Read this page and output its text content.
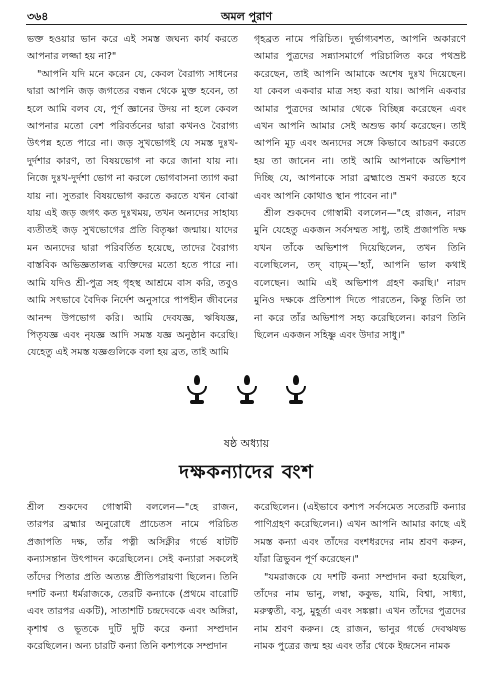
৩৬৪	অমল পুরাণ
ভক্ত হওয়ার ভান করে এই সমস্ত জঘন্য কার্য করতে
আপনার লজ্জা হয় না?"
"আপনি যদি মনে করেন যে, কেবল বৈরাগ্য সাধনের
দ্বারা আপনি জড় জগতের বন্ধন থেকে মুক্ত হবেন, তা
হলে আমি বলব যে, পূর্ণ জ্ঞানের উদয় না হলে কেবল
আপনার মতো বেশ পরিবর্তনের দ্বারা কখনও বৈরাগ্য
উৎপন্ন হতে পারে না। জড় সুখভোগই যে সমস্ত দুঃখ-
দুর্দশার কারণ, তা বিষয়ভোগ না করে জানা যায় না।
নিজে দুঃখ-দুর্দশা ভোগ না করলে ভোগবাসনা ত্যাগ করা
যায় না। সুতরাং বিষয়ভোগ করতে করতে যখন বোঝা
যায় এই জড় জগৎ কত দুঃখময়, তখন অন্যদের সাহায্য
ব্যতীতই জড় সুখভোগের প্রতি বিতৃষ্ণা জন্মায়। যাদের
মন অন্যদের দ্বারা পরিবর্তিত হয়েছে, তাদের বৈরাগ্য
বাস্তবিক অভিজ্ঞতালব্ধ ব্যক্তিদের মতো হতে পারে না।
আমি যদিও শ্রী-পুত্র সহ গৃহস্থ আশ্রমে বাস করি, তবুও
আমি সৎভাবে বৈদিক নির্দেশ অনুসারে পাপহীন জীবনের
আনন্দ উপভোগ করি। আমি দেবযজ্ঞ, ঋষিযজ্ঞ,
পিতৃযজ্ঞ এবং নৃযজ্ঞ আদি সমস্ত যজ্ঞ অনুষ্ঠান করেছি।
যেহেতু এই সমস্ত যজ্ঞগুলিকে বলা হয় ব্রত, তাই আমি
গৃহব্রত নামে পরিচিত। দুর্ভাগ্যবশত, আপনি অকারণে
আমার পুত্রদের সন্ন্যাসমার্গে পরিচালিত করে পথভ্রষ্ট
করেছেন, তাই আপনি আমাকে অশেষ দুঃখ দিয়েছেন।
যা কেবল একবার মাত্র সহ্য করা যায়। আপনি একবার
আমার পুত্রদের আমার থেকে বিচ্ছিন্ন করেছেন এবং
এখন আপনি আমার সেই অশুভ কার্য করেছেন। তাই
আপনি মূঢ় এবং অন্যদের সঙ্গে কিভাবে আচরণ করতে
হয় তা জানেন না। তাই আমি আপনাকে অভিশাপ
দিচ্ছি যে, আপনাকে সারা ব্রহ্মাণ্ডে ভ্রমণ করতে হবে
এবং আপনি কোথাও স্থান পাবেন না।"
শ্রীল শুকদেব গোস্বামী বললেন—"হে রাজন, নারদ
মুনি যেহেতু একজন সর্বসম্মত সাধু, তাই প্রজাপতি দক্ষ
যখন তাঁকে অভিশাপ দিয়েছিলেন, তখন তিনি
বলেছিলেন, তদ্ বাঢ়ম্—'হ্যাঁ, আপনি ভাল কথাই
বলেছেন। আমি এই অভিশাপ গ্রহণ করছি।' নারদ
মুনিও দক্ষকে প্রতিশাপ দিতে পারতেন, কিন্তু তিনি তা
না করে তাঁর অভিশাপ সহ্য করেছিলেন। কারণ তিনি
ছিলেন একজন সহিষ্ণু এবং উদার সাধু।"

ষষ্ঠ অধ্যায়
দক্ষকন্যাদের বংশ
শ্রীল শুকদেব গোস্বামী বললেন—"হে রাজন,
তারপর ব্রহ্মার অনুরোধে প্রাচেতস নামে পরিচিত
প্রজাপতি দক্ষ, তাঁর পত্নী অসিক্নীর গর্ভে ষাটটি
কন্যাসন্তান উৎপাদন করেছিলেন। সেই কন্যারা সকলেই
তাঁদের পিতার প্রতি অত্যন্ত প্রীতিপরায়ণা ছিলেন। তিনি
দশটি কন্যা ধর্মরাজকে, তেরটি কন্যাকে (প্রথমে বারোটি
এবং তারপর একটি), সাতাশটি চন্দ্রদেবকে এবং অঙ্গিরা,
কৃশাশ্ব ও ভূতকে দুটি দুটি করে কন্যা সম্প্রদান
করেছিলেন। অন্য চারটি কন্যা তিনি কশ্যপকে সম্প্রদান
করেছিলেন। (এইভাবে কশ্যপ সর্বসমেত সতেরটি কন্যার
পাণিগ্রহণ করেছিলেন।) এখন আপনি আমার কাছে এই
সমস্ত কন্যা এবং তাঁদের বংশধরদের নাম শ্রবণ করুন,
যাঁরা ত্রিভুবন পূর্ণ করেছেন।"
"যমরাজকে যে দশটি কন্যা সম্প্রদান করা হয়েছিল,
তাঁদের নাম ভানু, লম্বা, ককুভ, যামি, বিশ্বা, সাধ্যা,
মরুত্বতী, বসু, মুহূর্তা এবং সঙ্কল্পা। এখন তাঁদের পুত্রদের
নাম শ্রবণ করুন। হে রাজন, ভানুর গর্ভে দেবঋষভ
নামক পুত্রের জন্ম হয় এবং তাঁর থেকে ইন্দ্রসেন নামক
